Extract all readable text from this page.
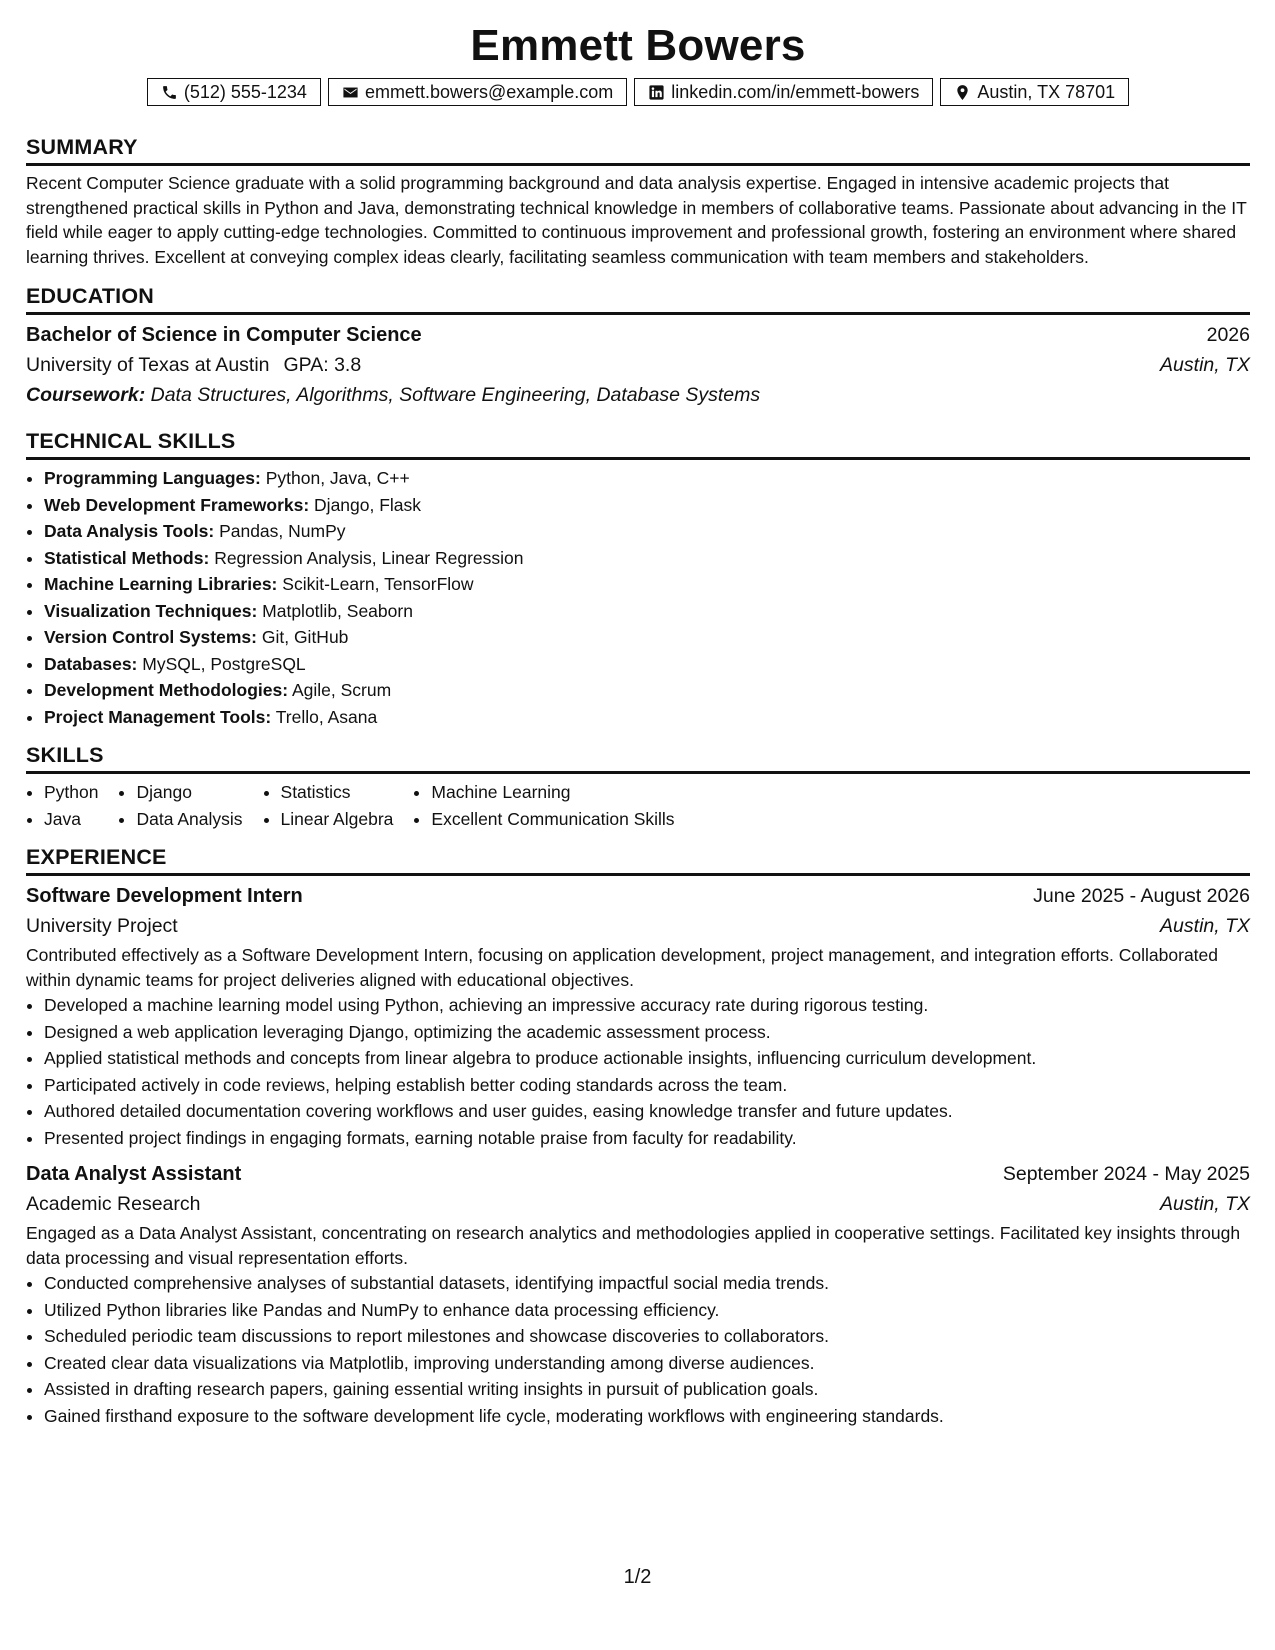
Emmett Bowers
(512) 555-1234	emmett.bowers@example.com	linkedin.com/in/emmett-bowers	Austin, TX 78701
SUMMARY

Recent Computer Science graduate with a solid programming background and data analysis expertise. Engaged in intensive academic projects that strengthened practical skills in Python and Java, demonstrating technical knowledge in members of collaborative teams. Passionate about advancing in the IT field while eager to apply cutting-edge technologies. Committed to continuous improvement and professional growth, fostering an environment where shared learning thrives. Excellent at conveying complex ideas clearly, facilitating seamless communication with team members and stakeholders.

EDUCATION
Bachelor of Science in Computer Science	2026
University of Texas at Austin GPA: 3.8	Austin, TX
Coursework: Data Structures, Algorithms, Software Engineering, Database Systems
TECHNICAL SKILLS
• Programming Languages: Python, Java, C++
• Web Development Frameworks: Django, Flask
• Data Analysis Tools: Pandas, NumPy
• Statistical Methods: Regression Analysis, Linear Regression
• Machine Learning Libraries: Scikit-Learn, TensorFlow
• Visualization Techniques: Matplotlib, Seaborn
• Version Control Systems: Git, GitHub
• Databases: MySQL, PostgreSQL
• Development Methodologies: Agile, Scrum
• Project Management Tools: Trello, Asana
SKILLS
• Python
• Java
• Django
• Data Analysis
• Statistics
• Linear Algebra
• Machine Learning
• Excellent Communication Skills
EXPERIENCE
Software Development Intern	June 2025 - August 2026
University Project	Austin, TX

Contributed effectively as a Software Development Intern, focusing on application development, project management, and integration efforts. Collaborated within dynamic teams for project deliveries aligned with educational objectives.

• Developed a machine learning model using Python, achieving an impressive accuracy rate during rigorous testing.
• Designed a web application leveraging Django, optimizing the academic assessment process.
• Applied statistical methods and concepts from linear algebra to produce actionable insights, influencing curriculum development.
• Participated actively in code reviews, helping establish better coding standards across the team.
• Authored detailed documentation covering workflows and user guides, easing knowledge transfer and future updates.
• Presented project findings in engaging formats, earning notable praise from faculty for readability.
Data Analyst Assistant	September 2024 - May 2025
Academic Research	Austin, TX

Engaged as a Data Analyst Assistant, concentrating on research analytics and methodologies applied in cooperative settings. Facilitated key insights through data processing and visual representation efforts.

• Conducted comprehensive analyses of substantial datasets, identifying impactful social media trends.
• Utilized Python libraries like Pandas and NumPy to enhance data processing efficiency.
• Scheduled periodic team discussions to report milestones and showcase discoveries to collaborators.
• Created clear data visualizations via Matplotlib, improving understanding among diverse audiences.
• Assisted in drafting research papers, gaining essential writing insights in pursuit of publication goals.
• Gained firsthand exposure to the software development life cycle, moderating workflows with engineering standards.
1/2
